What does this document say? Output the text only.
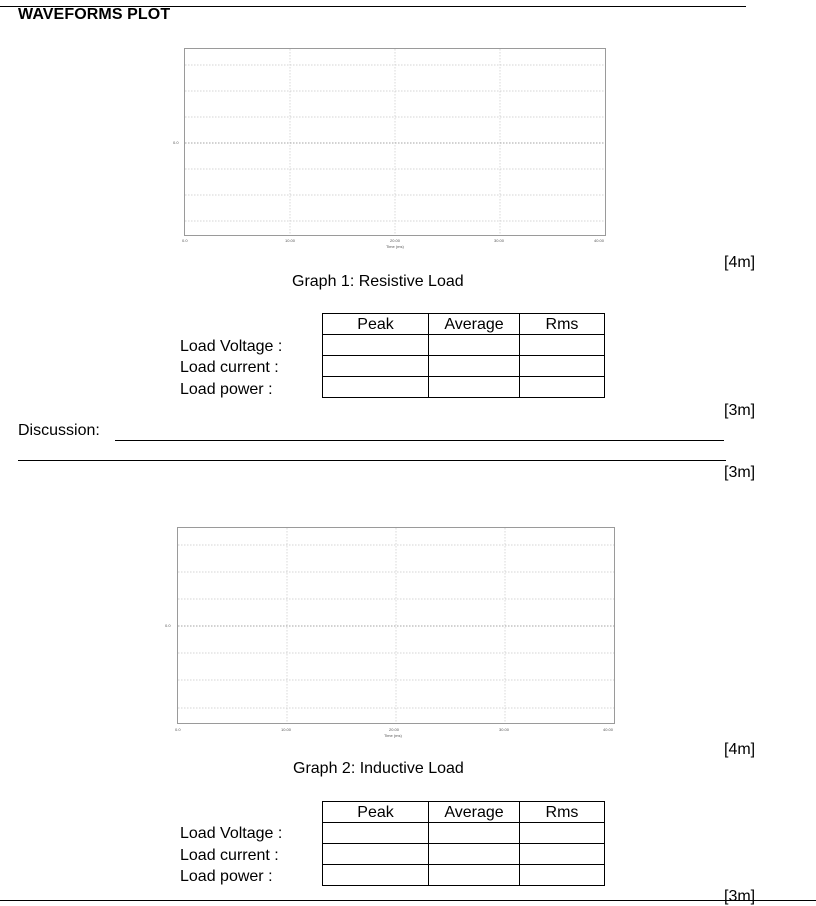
WAVEFORMS PLOT
0.0
0.0	10.00	20.00	30.00	40.00
Time (ms)
[4m]
Graph 1: Resistive Load
Peak	Average	Rms

Load Voltage :
Load current :
Load power :
[3m]
Discussion:
[3m]
0.0
0.0	10.00	20.00	30.00	40.00
Time (ms)
[4m]
Graph 2: Inductive Load
Peak	Average	Rms

Load Voltage :
Load current :
Load power :
[3m]
